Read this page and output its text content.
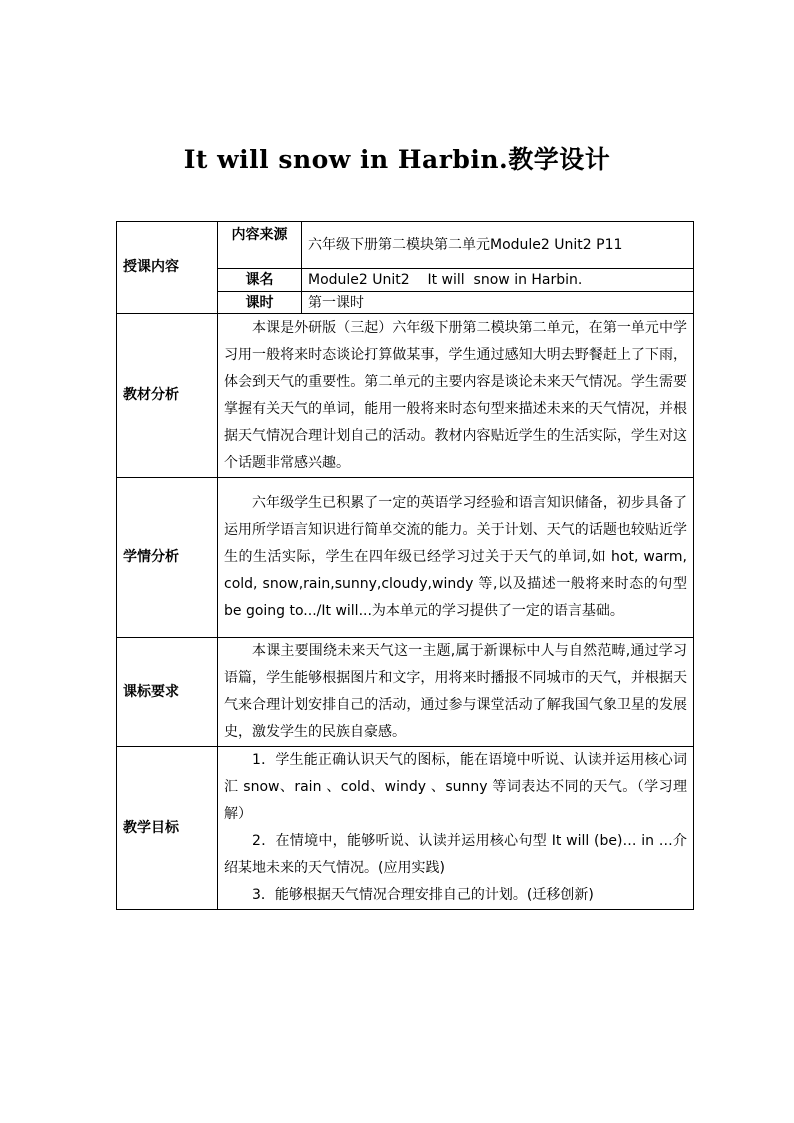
It will snow in Harbin.教学设计
授课内容	内容来源	六年级下册第二模块第二单元Module2 Unit2 P11
	课名	Module2 Unit2    It will  snow in Harbin.
	课时	第一课时
教材分析	本课是外研版（三起）六年级下册第二模块第二单元，在第一单元中学习用一般将来时态谈论打算做某事，学生通过感知大明去野餐赶上了下雨，体会到天气的重要性。第二单元的主要内容是谈论未来天气情况。学生需要掌握有关天气的单词，能用一般将来时态句型来描述未来的天气情况，并根据天气情况合理计划自己的活动。教材内容贴近学生的生活实际，学生对这个话题非常感兴趣。	

学情分析	六年级学生已积累了一定的英语学习经验和语言知识储备，初步具备了运用所学语言知识进行简单交流的能力。关于计划、天气的话题也较贴近学生的生活实际，学生在四年级已经学习过关于天气的单词,如 hot, warm, cold, snow,rain,sunny,cloudy,windy 等,以及描述一般将来时态的句型 be going to.../It will...为本单元的学习提供了一定的语言基础。	

课标要求	本课主要围绕未来天气这一主题,属于新课标中人与自然范畴,通过学习语篇，学生能够根据图片和文字，用将来时播报不同城市的天气，并根据天气来合理计划安排自己的活动，通过参与课堂活动了解我国气象卫星的发展史，激发学生的民族自豪感。	

教学目标	1．学生能正确认识天气的图标，能在语境中听说、认读并运用核心词汇 snow、rain 、cold、windy 、sunny 等词表达不同的天气。（学习理解）
2．在情境中，能够听说、认读并运用核心句型 It will (be)… in …介绍某地未来的天气情况。(应用实践)
3．能够根据天气情况合理安排自己的计划。(迁移创新)	
